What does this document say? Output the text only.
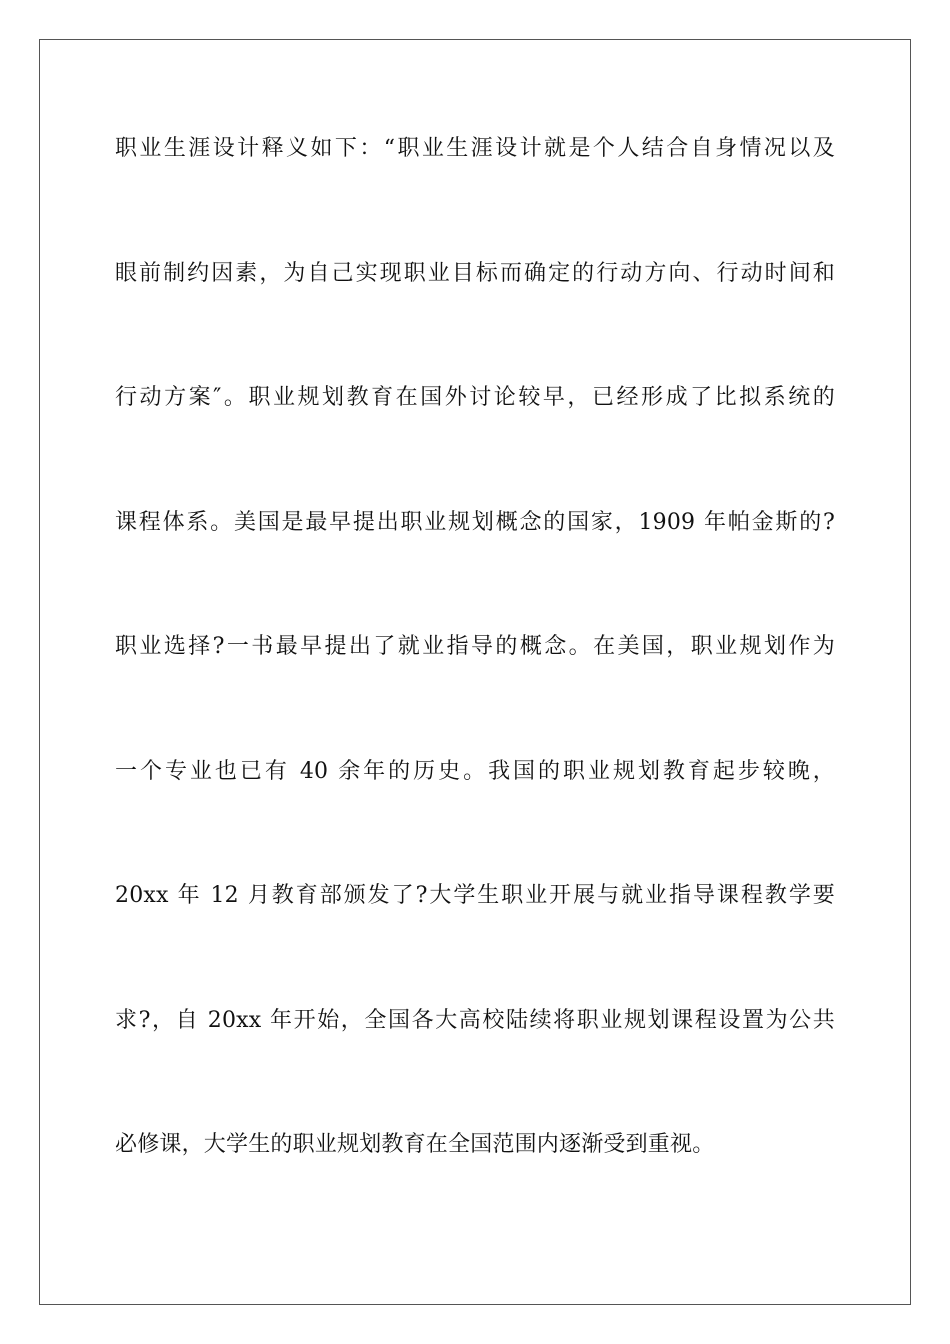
职业生涯设计释义如下：“职业生涯设计就是个人结合自身情况以及
眼前制约因素，为自己实现职业目标而确定的行动方向、行动时间和
行动方案″。职业规划教育在国外讨论较早，已经形成了比拟系统的
课程体系。美国是最早提出职业规划概念的国家，1909 年帕金斯的?
职业选择?一书最早提出了就业指导的概念。在美国，职业规划作为
一个专业也已有 40 余年的历史。我国的职业规划教育起步较晚，
20xx 年 12 月教育部颁发了?大学生职业开展与就业指导课程教学要
求?，自 20xx 年开始，全国各大高校陆续将职业规划课程设置为公共
必修课，大学生的职业规划教育在全国范围内逐渐受到重视。
